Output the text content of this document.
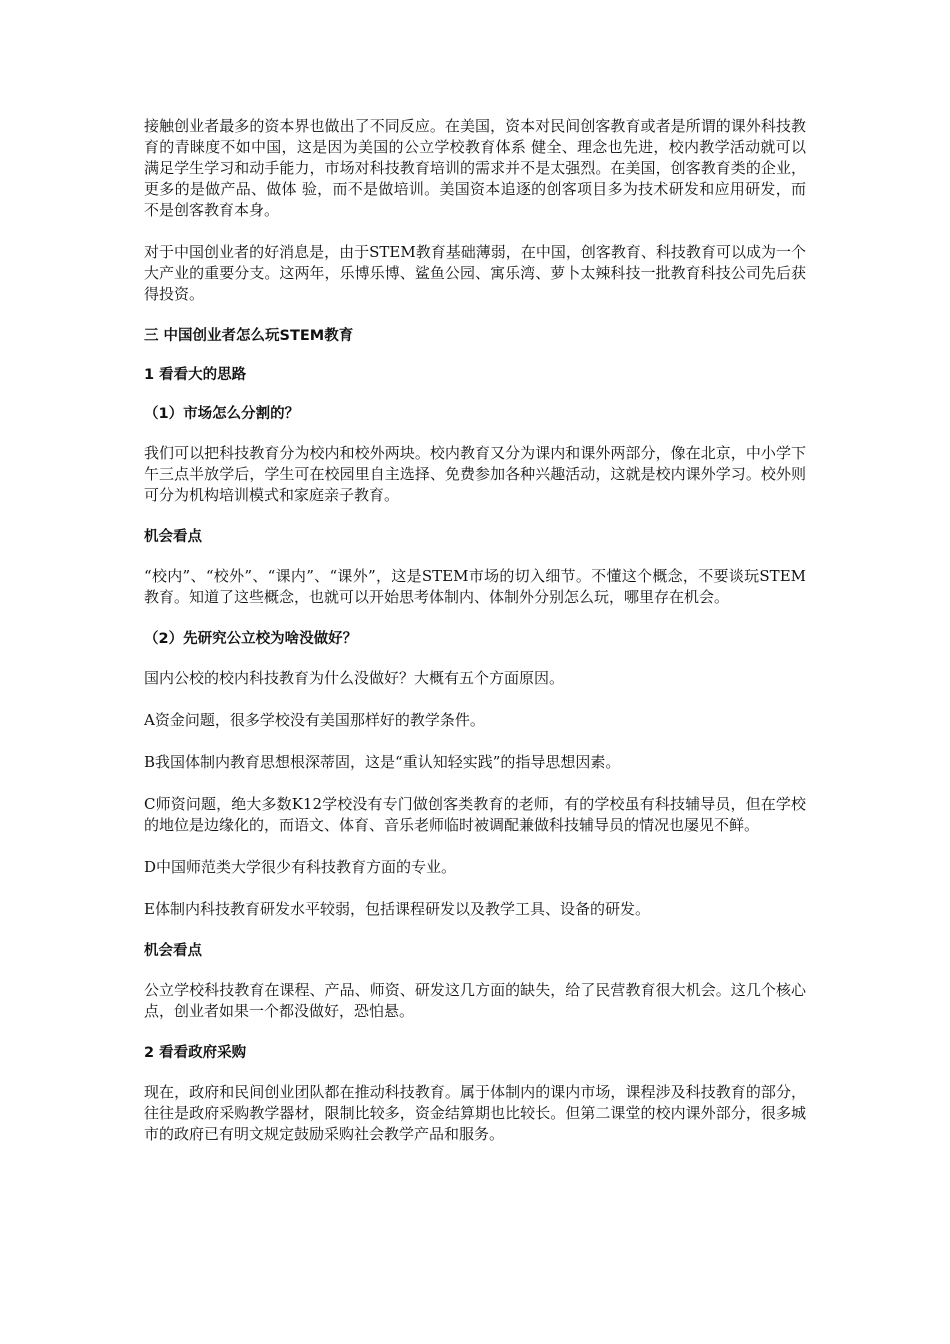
接触创业者最多的资本界也做出了不同反应。在美国，资本对民间创客教育或者是所谓的课外科技教育的青睐度不如中国，这是因为美国的公立学校教育体系 健全、理念也先进，校内教学活动就可以满足学生学习和动手能力，市场对科技教育培训的需求并不是太强烈。在美国，创客教育类的企业，更多的是做产品、做体 验，而不是做培训。美国资本追逐的创客项目多为技术研发和应用研发，而不是创客教育本身。

对于中国创业者的好消息是，由于STEM教育基础薄弱，在中国，创客教育、科技教育可以成为一个大产业的重要分支。这两年，乐博乐博、鲨鱼公园、寓乐湾、萝卜太辣科技一批教育科技公司先后获得投资。

三 中国创业者怎么玩STEM教育
1 看看大的思路
（1）市场怎么分割的？

我们可以把科技教育分为校内和校外两块。校内教育又分为课内和课外两部分，像在北京，中小学下午三点半放学后，学生可在校园里自主选择、免费参加各种兴趣活动，这就是校内课外学习。校外则可分为机构培训模式和家庭亲子教育。

机会看点

“校内”、“校外”、“课内”、“课外”，这是STEM市场的切入细节。不懂这个概念，不要谈玩STEM教育。知道了这些概念，也就可以开始思考体制内、体制外分别怎么玩，哪里存在机会。

（2）先研究公立校为啥没做好？

国内公校的校内科技教育为什么没做好？大概有五个方面原因。

A资金问题，很多学校没有美国那样好的教学条件。

B我国体制内教育思想根深蒂固，这是“重认知轻实践”的指导思想因素。

C师资问题，绝大多数K12学校没有专门做创客类教育的老师，有的学校虽有科技辅导员，但在学校的地位是边缘化的，而语文、体育、音乐老师临时被调配兼做科技辅导员的情况也屡见不鲜。

D中国师范类大学很少有科技教育方面的专业。

E体制内科技教育研发水平较弱，包括课程研发以及教学工具、设备的研发。

机会看点

公立学校科技教育在课程、产品、师资、研发这几方面的缺失，给了民营教育很大机会。这几个核心点，创业者如果一个都没做好，恐怕悬。

2 看看政府采购

现在，政府和民间创业团队都在推动科技教育。属于体制内的课内市场，课程涉及科技教育的部分，往往是政府采购教学器材，限制比较多，资金结算期也比较长。但第二课堂的校内课外部分，很多城市的政府已有明文规定鼓励采购社会教学产品和服务。
